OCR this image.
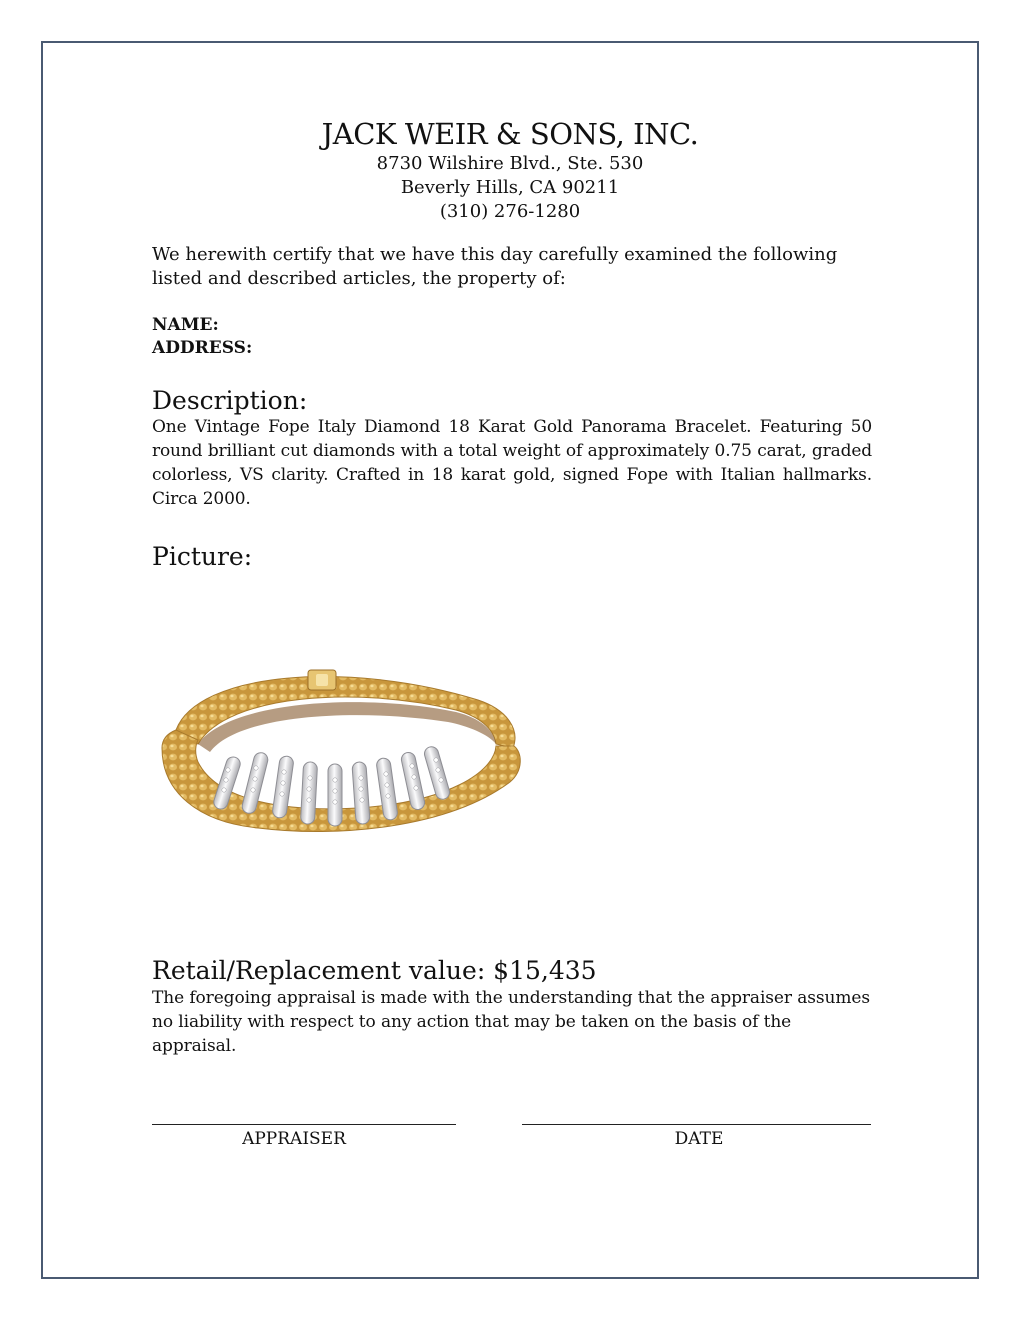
JACK WEIR & SONS, INC.
8730 Wilshire Blvd., Ste. 530
Beverly Hills, CA 90211
(310) 276-1280
We herewith certify that we have this day carefully examined the following listed and described articles, the property of:
NAME:
ADDRESS:
Description:
One Vintage Fope Italy Diamond 18 Karat Gold Panorama Bracelet. Featuring 50 round brilliant cut diamonds with a total weight of approximately 0.75 carat, graded colorless, VS clarity. Crafted in 18 karat gold, signed Fope with Italian hallmarks. Circa 2000.
Picture:
Retail/Replacement value: $15,435
The foregoing appraisal is made with the understanding that the appraiser assumes no liability with respect to any action that may be taken on the basis of the appraisal.
APPRAISER	DATE
